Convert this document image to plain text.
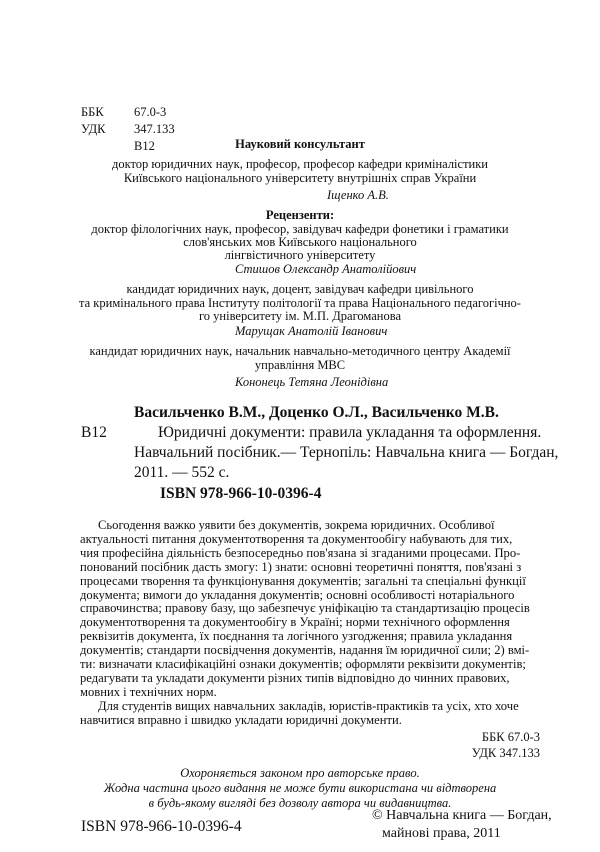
ББК 67.0-3
УДК 347.133
В12	Науковий консультант
доктор юридичних наук, професор, професор кафедри криміналістики
Київського національного університету внутрішніх справ України
Іщенко А.В.
Рецензенти:
доктор філологічних наук, професор, завідувач кафедри фонетики і граматики
слов'янських мов Київського національного
лінгвістичного університету
Стишов Олександр Анатолійович
кандидат юридичних наук, доцент, завідувач кафедри цивільного
та кримінального права Інституту політології та права Національного педагогічно-
го університету ім. М.П. Драгоманова
Марущак Анатолій Іванович
кандидат юридичних наук, начальник навчально-методичного центру Академії
управління МВС
Кононець Тетяна Леонідівна
Васильченко В.М., Доценко О.Л., Васильченко М.В.
В12	Юридичні документи: правила укладання та оформлення.
Навчальний посібник.— Тернопіль: Навчальна книга — Богдан,
2011. — 552 с.
ISBN 978-966-10-0396-4

Сьогодення важко уявити без документів, зокрема юридичних. Особливої
актуальності питання документотворення та документообігу набувають для тих,
чия професійна діяльність безпосередньо пов'язана зі згаданими процесами. Про-
понований посібник дасть змогу: 1) знати: основні теоретичні поняття, пов'язані з
процесами творення та функціонування документів; загальні та спеціальні функції
документа; вимоги до укладання документів; основні особливості нотаріального
справочинства; правову базу, що забезпечує уніфікацію та стандартизацію процесів
документотворення та документообігу в Україні; норми технічного оформлення
реквізитів документа, їх поєднання та логічного узгодження; правила укладання
документів; стандарти посвідчення документів, надання їм юридичної сили; 2) вмі-
ти: визначати класифікаційні ознаки документів; оформляти реквізити документів;
редагувати та укладати документи різних типів відповідно до чинних правових,
мовних і технічних норм.

Для студентів вищих навчальних закладів, юристів-практиків та усіх, хто хоче
навчитися вправно і швидко укладати юридичні документи.

ББК 67.0-3
УДК 347.133
Охороняється законом про авторське право.
Жодна частина цього видання не може бути використана чи відтворена
в будь-якому вигляді без дозволу автора чи видавництва.
ISBN 978-966-10-0396-4
© Навчальна книга — Богдан,
майнові права, 2011
